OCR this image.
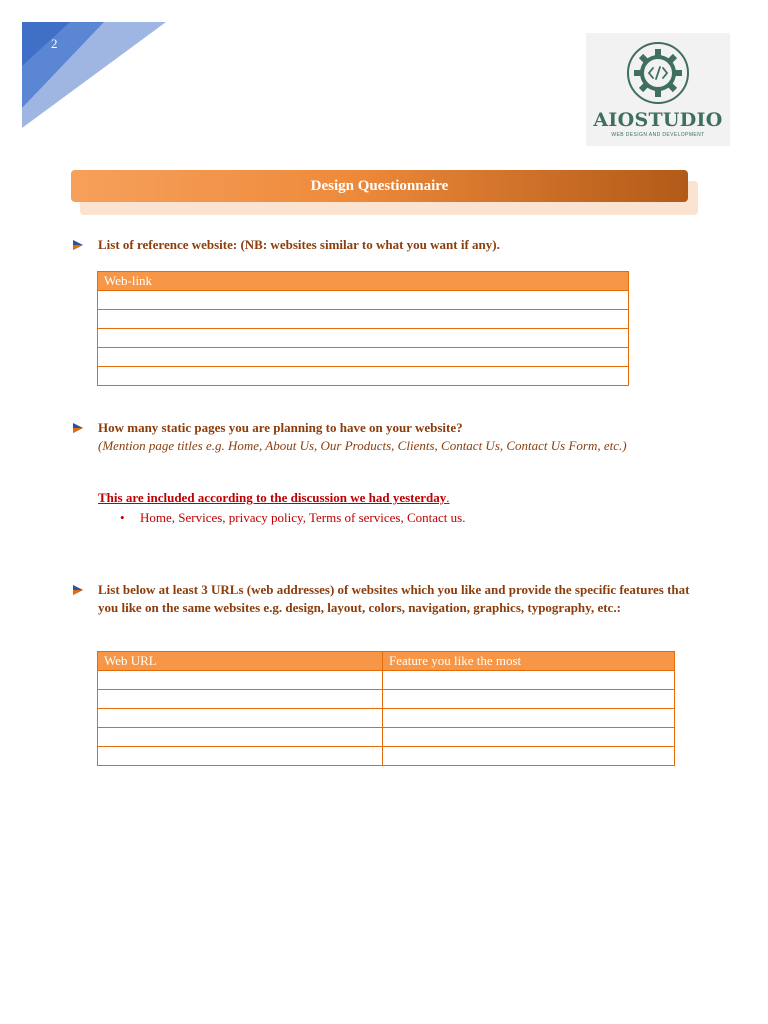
2
AIOSTUDIO
WEB DESIGN AND DEVELOPMENT
Design Questionnaire
List of reference website: (NB: websites similar to what you want if any).
Web-link

How many static pages you are planning to have on your website?
(Mention page titles e.g. Home, About Us, Our Products, Clients, Contact Us, Contact Us Form, etc.)
This are included according to the discussion we had yesterday.
• Home, Services, privacy policy, Terms of services, Contact us.
List below at least 3 URLs (web addresses) of websites which you like and provide the specific features that you like on the same websites e.g. design, layout, colors, navigation, graphics, typography, etc.:
Web URL	Feature you like the most
